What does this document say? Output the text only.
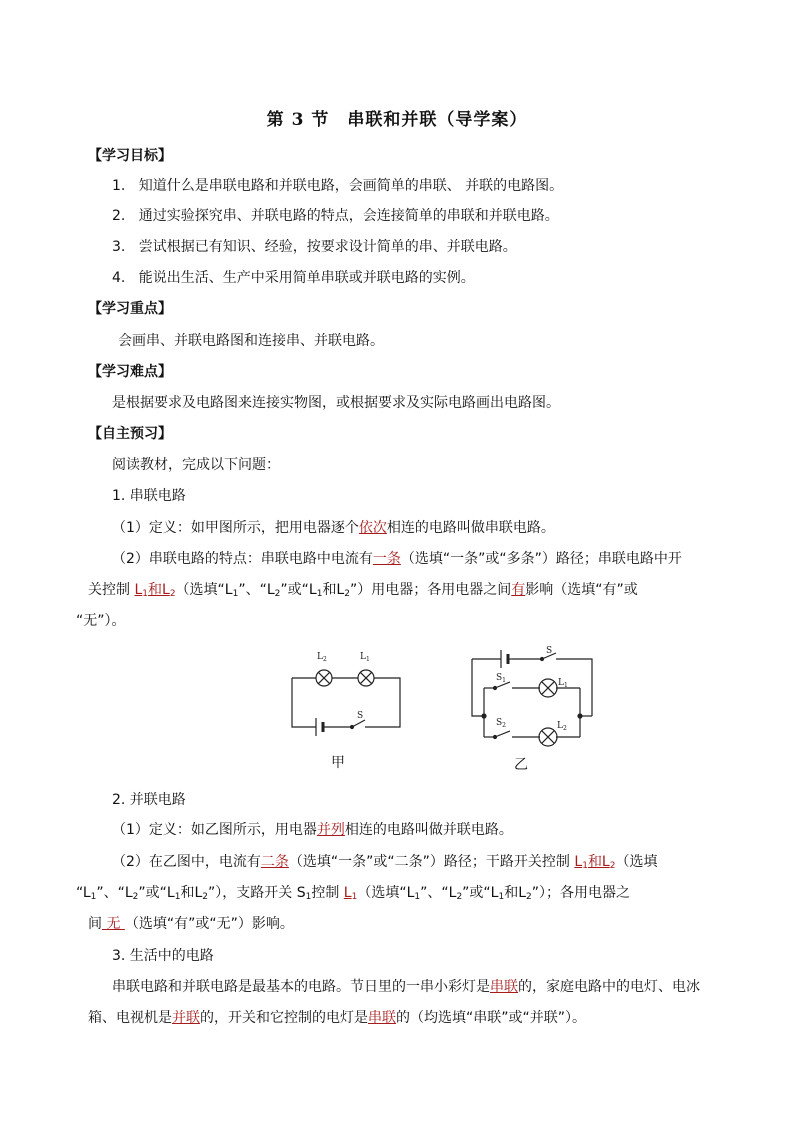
第 3 节　串联和并联（导学案）
【学习目标】
1. 知道什么是串联电路和并联电路，会画简单的串联、 并联的电路图。
2. 通过实验探究串、并联电路的特点，会连接简单的串联和并联电路。
3. 尝试根据已有知识、经验，按要求设计简单的串、并联电路。
4. 能说出生活、生产中采用简单串联或并联电路的实例。
【学习重点】
会画串、并联电路图和连接串、并联电路。
【学习难点】
是根据要求及电路图来连接实物图，或根据要求及实际电路画出电路图。
【自主预习】
阅读教材，完成以下问题：
1. 串联电路
（1）定义：如甲图所示，把用电器逐个依次相连的电路叫做串联电路。
（2）串联电路的特点：串联电路中电流有一条（选填“一条”或“多条”）路径；串联电路中开
关控制 $L_1$和$L_2$（选填“$L_1$”、“$L_2$”或“$L_1$和$L_2$”）用电器；各用电器之间有影响（选填“有”或
“无”）。
$L_2$	$L_1$
S
S
$S_1$	$L_1$
$S_2$	$L_2$
甲	乙
2. 并联电路
（1）定义：如乙图所示，用电器并列相连的电路叫做并联电路。
（2）在乙图中，电流有二条（选填“一条”或“二条”）路径；干路开关控制 $L_1$和$L_2$（选填
“$L_1$”、“$L_2$”或“$L_1$和$L_2$”），支路开关 $S_1$控制 $L_1$（选填“$L_1$”、“$L_2$”或“$L_1$和$L_2$”）；各用电器之
间 无 （选填“有”或“无”）影响。
3. 生活中的电路
串联电路和并联电路是最基本的电路。节日里的一串小彩灯是串联的，家庭电路中的电灯、电冰
箱、电视机是并联的，开关和它控制的电灯是串联的（均选填“串联”或“并联”）。
